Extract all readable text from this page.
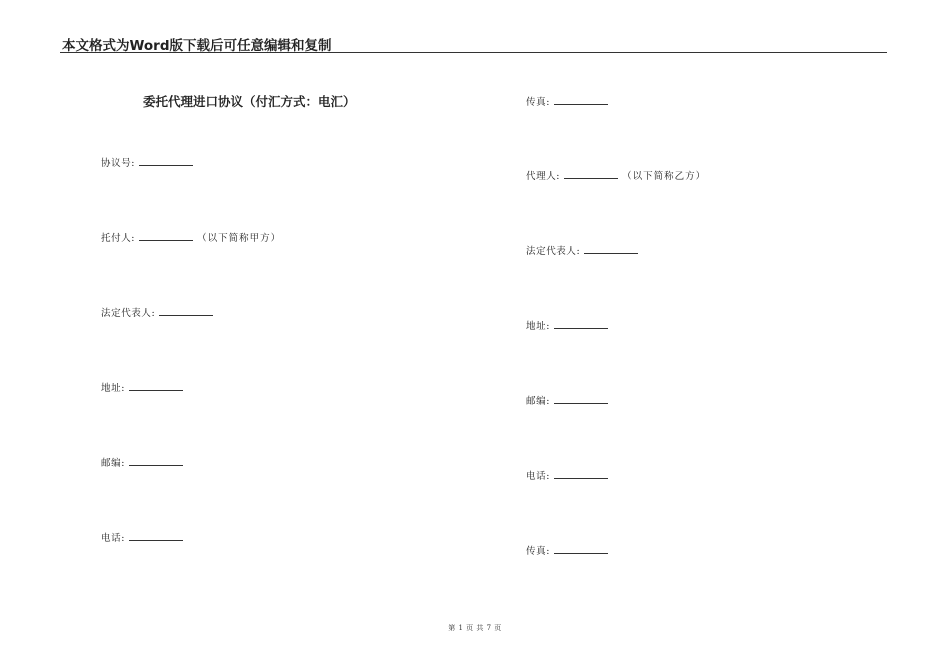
本文格式为Word版下载后可任意编辑和复制
委托代理进口协议（付汇方式：电汇）
协议号:
托付人:	（以下简称甲方）
法定代表人:
地址:
邮编:
电话:
传真:
代理人:	（以下简称乙方）
法定代表人:
地址:
邮编:
电话:
传真:
第 1 页 共 7 页
